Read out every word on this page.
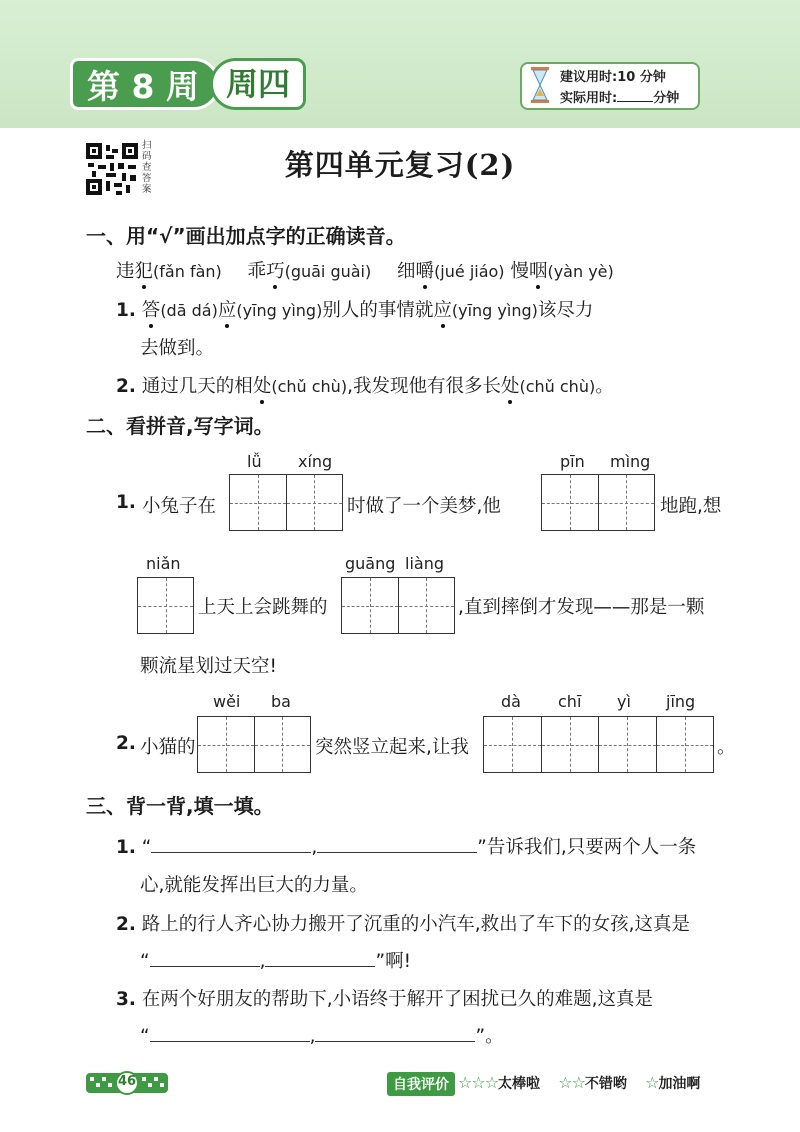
第 8 周 周四	建议用时:10 分钟
实际用时:	分钟
扫码查答案
第四单元复习(2)
一、用“√”画出加点字的正确读音。
违犯(fǎn fàn) 乖巧(guāi guài) 细嚼(jué jiáo) 慢咽(yàn yè)
1. 答(dā dá)应(yīng yìng)别人的事情就应(yīng yìng)该尽力
去做到。
2. 通过几天的相处(chǔ chù),我发现他有很多长处(chǔ chù)。
二、看拼音,写字词。
lǚ xíng	pīn mìng
1. 小兔子在	时做了一个美梦,他	地跑,想
niǎn	guāng liàng
上天上会跳舞的	,直到摔倒才发现——那是一颗
颗流星划过天空!
wěi ba	dà chī yì jīng
2. 小猫的	突然竖立起来,让我	。
三、背一背,填一填。
1. “	,	”告诉我们,只要两个人一条
心,就能发挥出巨大的力量。
2. 路上的行人齐心协力搬开了沉重的小汽车,救出了车下的女孩,这真是
“	,	”啊!
3. 在两个好朋友的帮助下,小语终于解开了困扰已久的难题,这真是
“	,	”。
46	自我评价 ☆☆☆太棒啦 ☆☆不错哟 ☆加油啊
